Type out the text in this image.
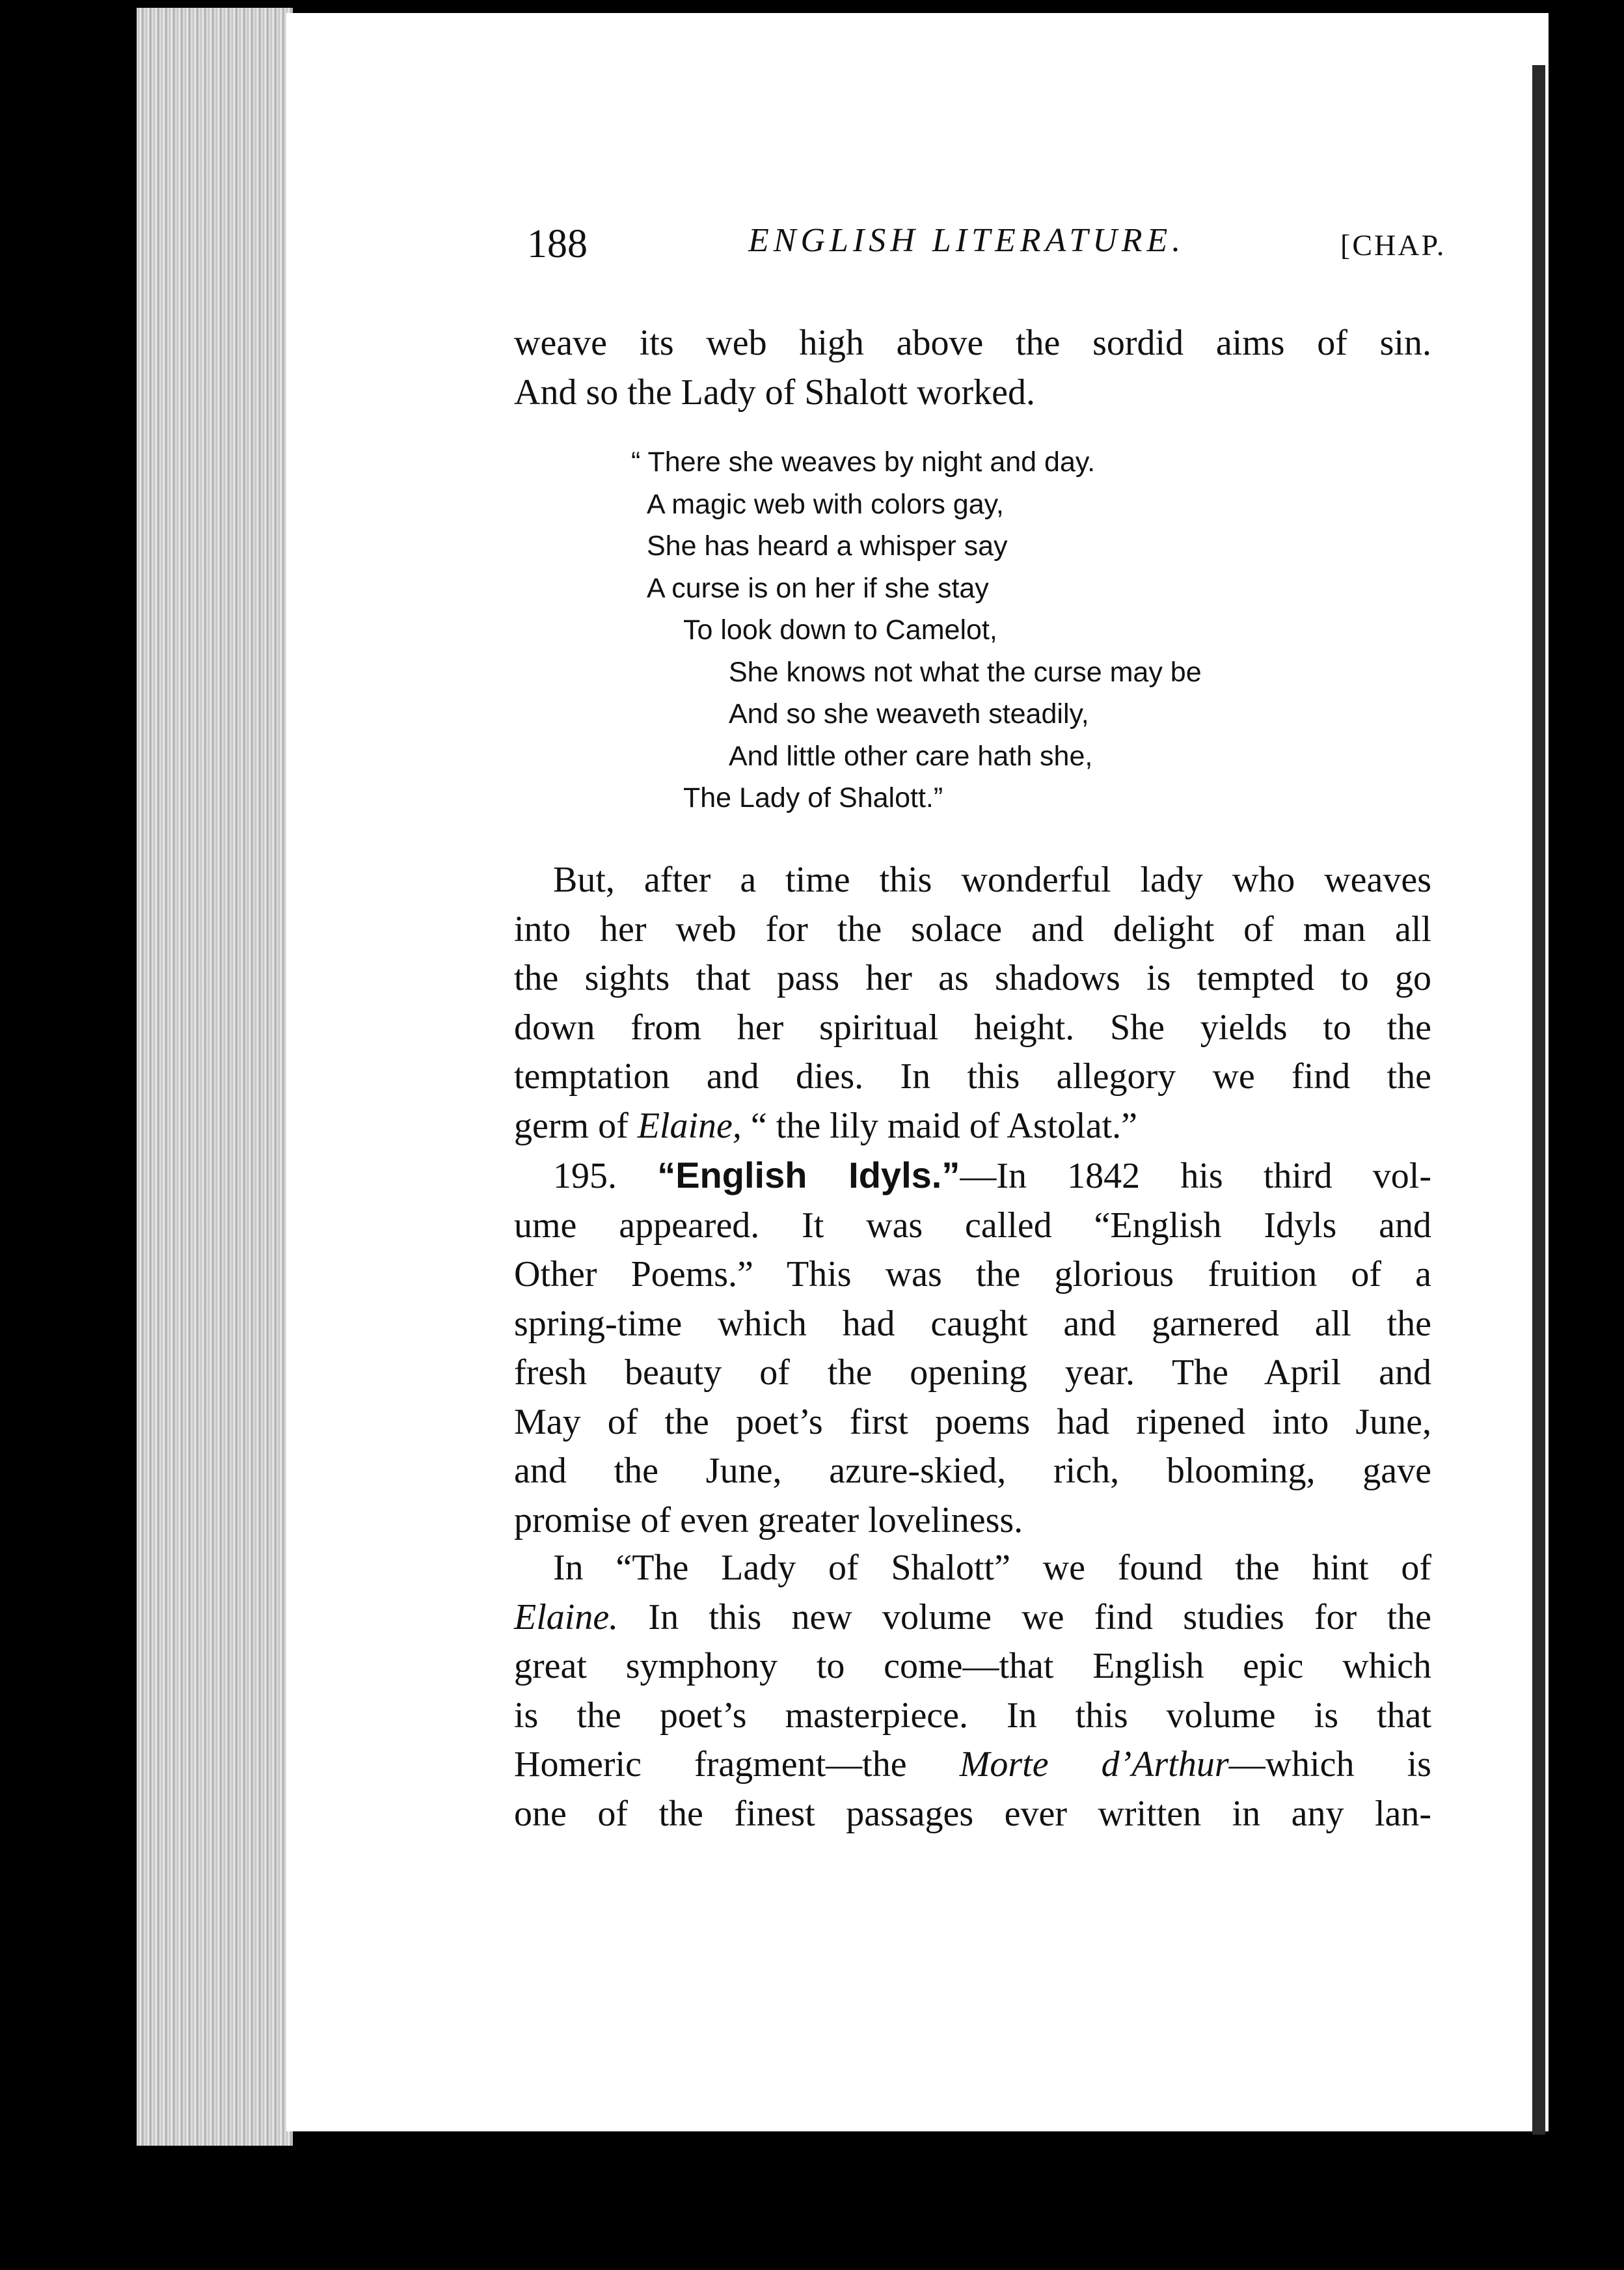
188	ENGLISH LITERATURE.	[CHAP.
weave its web high above the sordid aims of sin.
And so the Lady of Shalott worked.
“ There she weaves by night and day.
A magic web with colors gay,
She has heard a whisper say
A curse is on her if she stay
To look down to Camelot,
She knows not what the curse may be
And so she weaveth steadily,
And little other care hath she,
The Lady of Shalott.”
But, after a time this wonderful lady who weaves
into her web for the solace and delight of man all
the sights that pass her as shadows is tempted to go
down from her spiritual height. She yields to the
temptation and dies. In this allegory we find the
germ of Elaine, “ the lily maid of Astolat.”
195. “English Idyls.”—In 1842 his third vol-
ume appeared. It was called “English Idyls and
Other Poems.” This was the glorious fruition of a
spring-time which had caught and garnered all the
fresh beauty of the opening year. The April and
May of the poet’s first poems had ripened into June,
and the June, azure-skied, rich, blooming, gave
promise of even greater loveliness.
In “The Lady of Shalott” we found the hint of
Elaine. In this new volume we find studies for the
great symphony to come—that English epic which
is the poet’s masterpiece. In this volume is that
Homeric fragment—the Morte d’Arthur—which is
one of the finest passages ever written in any lan-
